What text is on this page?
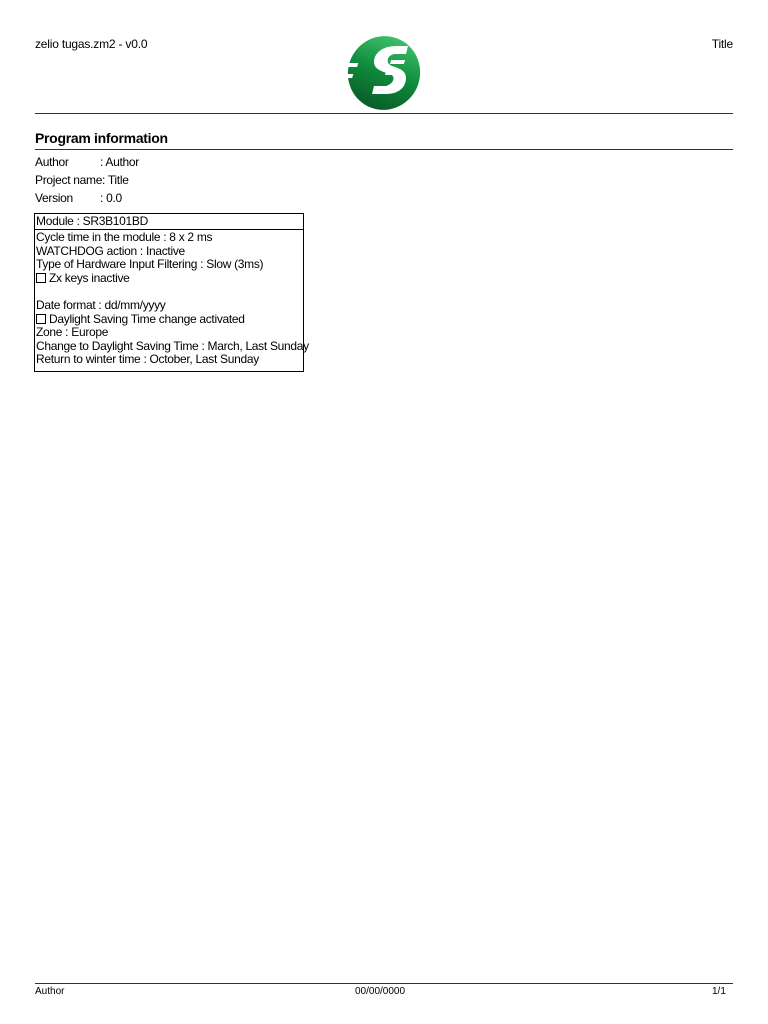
zelio tugas.zm2 - v0.0	Title
Program information
Author	: Author
Project name : Title
Version : 0.0
Module : SR3B101BD
Cycle time in the module : 8 x 2 ms
WATCHDOG action : Inactive
Type of Hardware Input Filtering : Slow (3ms)
Zx keys inactive
Date format : dd/mm/yyyy
Daylight Saving Time change activated
Zone : Europe
Change to Daylight Saving Time : March, Last Sunday
Return to winter time : October, Last Sunday
Author	00/00/0000	1/1
